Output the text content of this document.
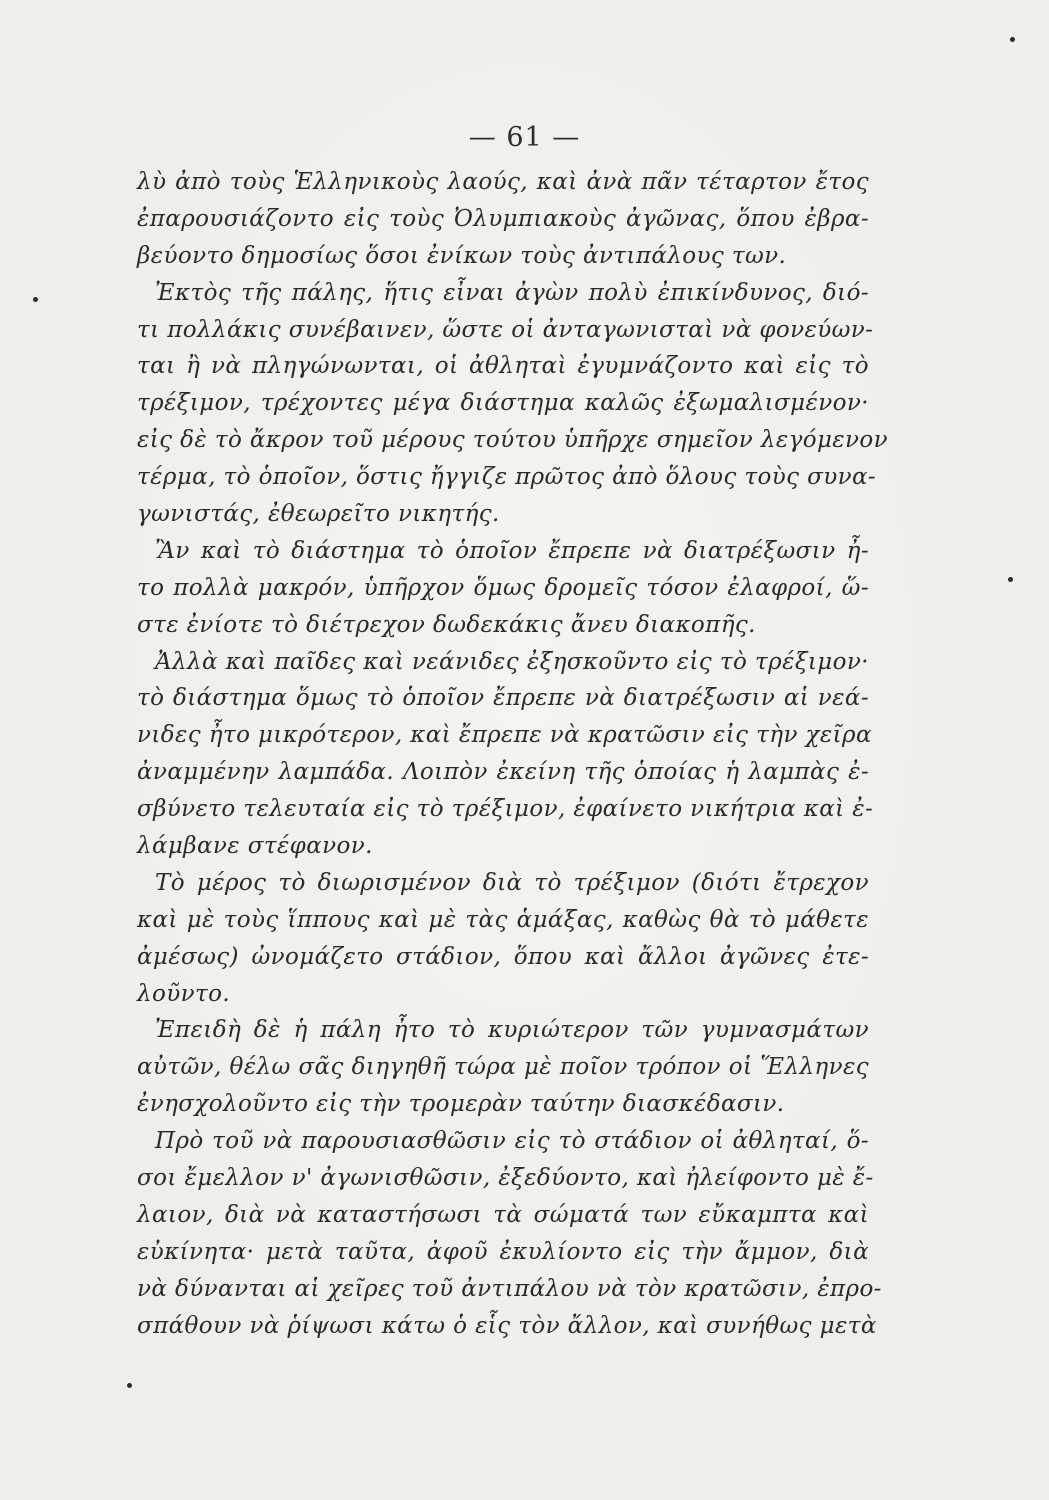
— 61 —
λὺ ἀπὸ τοὺς Ἑλληνικοὺς λαούς, καὶ ἀνὰ πᾶν τέταρτον ἔτος
ἐπαρουσιάζοντο εἰς τοὺς Ὀλυμπιακοὺς ἀγῶνας, ὅπου ἐβρα-
βεύοντο δημοσίως ὅσοι ἐνίκων τοὺς ἀντιπάλους των.
Ἐκτὸς τῆς πάλης, ἥτις εἶναι ἀγὼν πολὺ ἐπικίνδυνος, διό-
τι πολλάκις συνέβαινεν, ὥστε οἱ ἀνταγωνισταὶ νὰ φονεύων-
ται ἢ νὰ πληγώνωνται, οἱ ἀθληταὶ ἐγυμνάζοντο καὶ εἰς τὸ
τρέξιμον, τρέχοντες μέγα διάστημα καλῶς ἐξωμαλισμένον·
εἰς δὲ τὸ ἄκρον τοῦ μέρους τούτου ὑπῆρχε σημεῖον λεγόμενον
τέρμα, τὸ ὁποῖον, ὅστις ἤγγιζε πρῶτος ἀπὸ ὅλους τοὺς συνα-
γωνιστάς, ἐθεωρεῖτο νικητής.
Ἂν καὶ τὸ διάστημα τὸ ὁποῖον ἔπρεπε νὰ διατρέξωσιν ἦ-
το πολλὰ μακρόν, ὑπῆρχον ὅμως δρομεῖς τόσον ἐλαφροί, ὥ-
στε ἐνίοτε τὸ διέτρεχον δωδεκάκις ἄνευ διακοπῆς.
Ἀλλὰ καὶ παῖδες καὶ νεάνιδες ἐξησκοῦντο εἰς τὸ τρέξιμον·
τὸ διάστημα ὅμως τὸ ὁποῖον ἔπρεπε νὰ διατρέξωσιν αἱ νεά-
νιδες ἦτο μικρότερον, καὶ ἔπρεπε νὰ κρατῶσιν εἰς τὴν χεῖρα
ἀναμμένην λαμπάδα. Λοιπὸν ἐκείνη τῆς ὁποίας ἡ λαμπὰς ἐ-
σβύνετο τελευταία εἰς τὸ τρέξιμον, ἐφαίνετο νικήτρια καὶ ἐ-
λάμβανε στέφανον.
Τὸ μέρος τὸ διωρισμένον διὰ τὸ τρέξιμον (διότι ἔτρεχον
καὶ μὲ τοὺς ἵππους καὶ μὲ τὰς ἁμάξας, καθὼς θὰ τὸ μάθετε
ἀμέσως) ὠνομάζετο στάδιον, ὅπου καὶ ἄλλοι ἀγῶνες ἐτε-
λοῦντο.
Ἐπειδὴ δὲ ἡ πάλη ἦτο τὸ κυριώτερον τῶν γυμνασμάτων
αὐτῶν, θέλω σᾶς διηγηθῆ τώρα μὲ ποῖον τρόπον οἱ Ἕλληνες
ἐνησχολοῦντο εἰς τὴν τρομερὰν ταύτην διασκέδασιν.
Πρὸ τοῦ νὰ παρουσιασθῶσιν εἰς τὸ στάδιον οἱ ἀθληταί, ὅ-
σοι ἔμελλον ν' ἀγωνισθῶσιν, ἐξεδύοντο, καὶ ἠλείφοντο μὲ ἔ-
λαιον, διὰ νὰ καταστήσωσι τὰ σώματά των εὔκαμπτα καὶ
εὐκίνητα· μετὰ ταῦτα, ἀφοῦ ἐκυλίοντο εἰς τὴν ἄμμον, διὰ
νὰ δύνανται αἱ χεῖρες τοῦ ἀντιπάλου νὰ τὸν κρατῶσιν, ἐπρο-
σπάθουν νὰ ῥίψωσι κάτω ὁ εἷς τὸν ἄλλον, καὶ συνήθως μετὰ
